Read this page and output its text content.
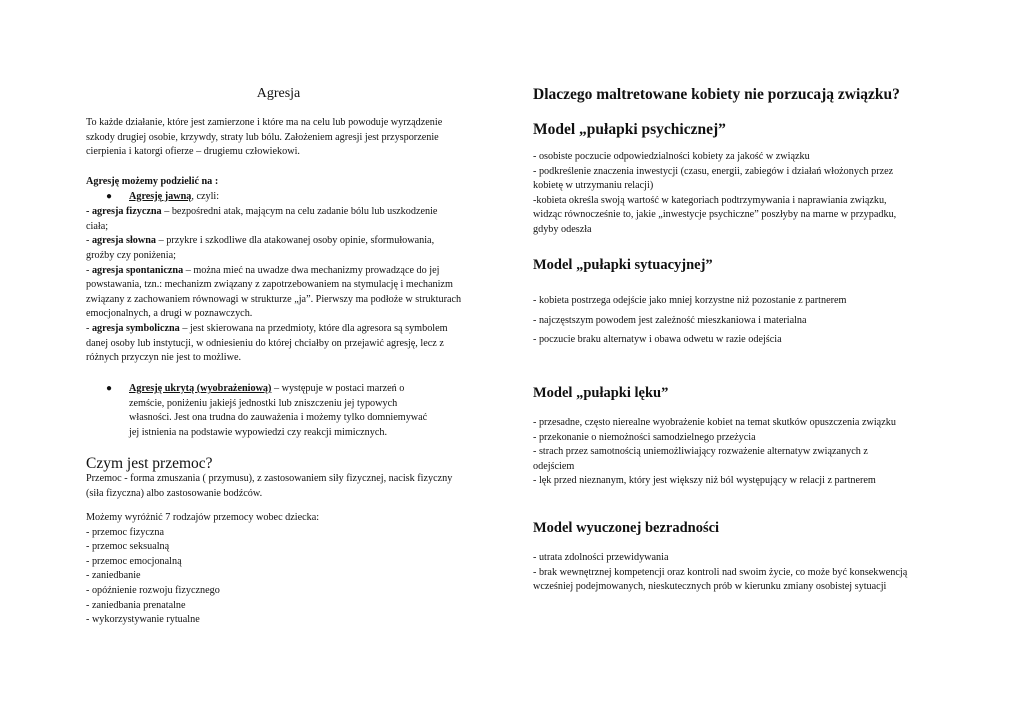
Agresja

To każde działanie, które jest zamierzone i które ma na celu lub powoduje wyrządzenie

szkody drugiej osobie, krzywdy, straty lub bólu. Założeniem agresji jest przysporzenie

cierpienia i katorgi ofierze – drugiemu człowiekowi.

Agresję możemy podzielić na :

● Agresję jawną, czyli:

- agresja fizyczna – bezpośredni atak, mającym na celu zadanie bólu lub uszkodzenie

ciała;

- agresja słowna – przykre i szkodliwe dla atakowanej osoby opinie, sformułowania,

groźby czy poniżenia;

- agresja spontaniczna – można mieć na uwadze dwa mechanizmy prowadzące do jej

powstawania, tzn.: mechanizm związany z zapotrzebowaniem na stymulację i mechanizm

związany z zachowaniem równowagi w strukturze „ja”. Pierwszy ma podłoże w strukturach

emocjonalnych, a drugi w poznawczych.

- agresja symboliczna – jest skierowana na przedmioty, które dla agresora są symbolem

danej osoby lub instytucji, w odniesieniu do której chciałby on przejawić agresję, lecz z

różnych przyczyn nie jest to możliwe.

● Agresję ukrytą (wyobrażeniową) – występuje w postaci marzeń o

zemście, poniżeniu jakiejś jednostki lub zniszczeniu jej typowych

własności. Jest ona trudna do zauważenia i możemy tylko domniemywać

jej istnienia na podstawie wypowiedzi czy reakcji mimicznych.

Czym jest przemoc?

Przemoc - forma zmuszania ( przymusu), z zastosowaniem siły fizycznej, nacisk fizyczny

(siła fizyczna) albo zastosowanie bodźców.

Możemy wyróżnić 7 rodzajów przemocy wobec dziecka:

- przemoc fizyczna

- przemoc seksualną

- przemoc emocjonalną

- zaniedbanie

- opóźnienie rozwoju fizycznego

- zaniedbania prenatalne

- wykorzystywanie rytualne

Dlaczego maltretowane kobiety nie porzucają związku?
Model „pułapki psychicznej”

- osobiste poczucie odpowiedzialności kobiety za jakość w związku

- podkreślenie znaczenia inwestycji (czasu, energii, zabiegów i działań włożonych przez

kobietę w utrzymaniu relacji)

-kobieta określa swoją wartość w kategoriach podtrzymywania i naprawiania związku,

widząc równocześnie to, jakie „inwestycje psychiczne” poszłyby na marne w przypadku,

gdyby odeszła

Model „pułapki sytuacyjnej”

- kobieta postrzega odejście jako mniej korzystne niż pozostanie z partnerem

- najczęstszym powodem jest zależność mieszkaniowa i materialna

- poczucie braku alternatyw i obawa odwetu w razie odejścia

Model „pułapki lęku”

- przesadne, często nierealne wyobrażenie kobiet na temat skutków opuszczenia związku

- przekonanie o niemożności samodzielnego przeżycia

- strach przez samotnością uniemożliwiający rozważenie alternatyw związanych z

odejściem

- lęk przed nieznanym, który jest większy niż ból występujący w relacji z partnerem

Model wyuczonej bezradności

- utrata zdolności przewidywania

- brak wewnętrznej kompetencji oraz kontroli nad swoim życie, co może być konsekwencją

wcześniej podejmowanych, nieskutecznych prób w kierunku zmiany osobistej sytuacji
